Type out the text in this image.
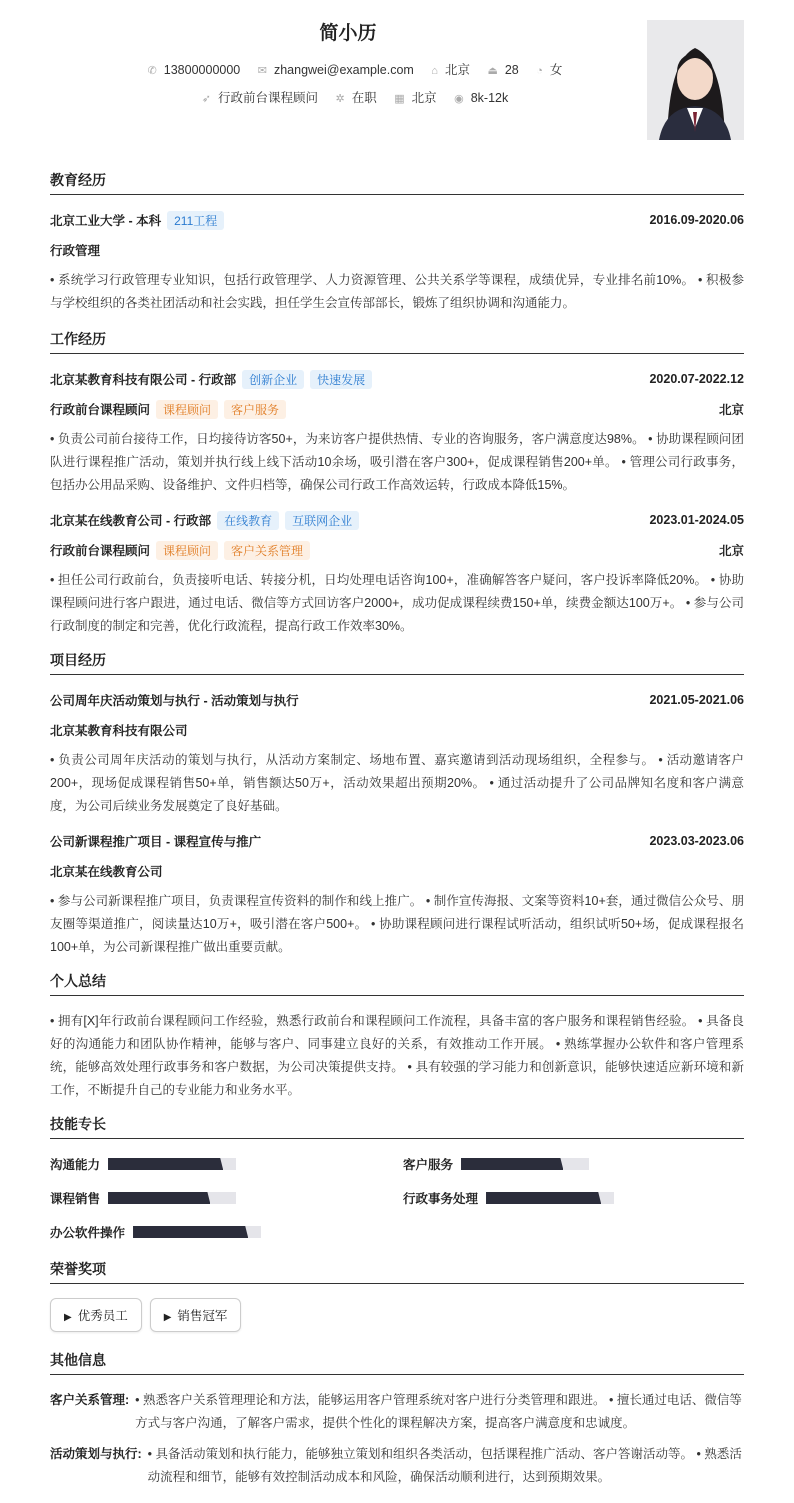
简小历
✆ 13800000000 ✉ zhangwei@example.com ⌂ 北京 ⏏ 28 ◔ 女
➶ 行政前台课程顾问 ✲ 在职 ▦ 北京 ◉ 8k-12k
教育经历
北京工业大学 - 本科 211工程	2016.09-2020.06
行政管理
• 系统学习行政管理专业知识，包括行政管理学、人力资源管理、公共关系学等课程，成绩优异，专业排名前10%。 • 积极参与学校组织的各类社团活动和社会实践，担任学生会宣传部部长，锻炼了组织协调和沟通能力。
工作经历
北京某教育科技有限公司 - 行政部 创新企业 快速发展	2020.07-2022.12
行政前台课程顾问 课程顾问 客户服务	北京
• 负责公司前台接待工作，日均接待访客50+，为来访客户提供热情、专业的咨询服务，客户满意度达98%。 • 协助课程顾问团队进行课程推广活动，策划并执行线上线下活动10余场，吸引潜在客户300+，促成课程销售200+单。 • 管理公司行政事务，包括办公用品采购、设备维护、文件归档等，确保公司行政工作高效运转，行政成本降低15%。
北京某在线教育公司 - 行政部 在线教育 互联网企业	2023.01-2024.05
行政前台课程顾问 课程顾问 客户关系管理	北京
• 担任公司行政前台，负责接听电话、转接分机，日均处理电话咨询100+，准确解答客户疑问，客户投诉率降低20%。 • 协助课程顾问进行客户跟进，通过电话、微信等方式回访客户2000+，成功促成课程续费150+单，续费金额达100万+。 • 参与公司行政制度的制定和完善，优化行政流程，提高行政工作效率30%。
项目经历
公司周年庆活动策划与执行 - 活动策划与执行	2021.05-2021.06
北京某教育科技有限公司
• 负责公司周年庆活动的策划与执行，从活动方案制定、场地布置、嘉宾邀请到活动现场组织，全程参与。 • 活动邀请客户200+，现场促成课程销售50+单，销售额达50万+，活动效果超出预期20%。 • 通过活动提升了公司品牌知名度和客户满意度，为公司后续业务发展奠定了良好基础。
公司新课程推广项目 - 课程宣传与推广	2023.03-2023.06
北京某在线教育公司
• 参与公司新课程推广项目，负责课程宣传资料的制作和线上推广。 • 制作宣传海报、文案等资料10+套，通过微信公众号、朋友圈等渠道推广，阅读量达10万+，吸引潜在客户500+。 • 协助课程顾问进行课程试听活动，组织试听50+场，促成课程报名100+单，为公司新课程推广做出重要贡献。
个人总结
• 拥有[X]年行政前台课程顾问工作经验，熟悉行政前台和课程顾问工作流程，具备丰富的客户服务和课程销售经验。 • 具备良好的沟通能力和团队协作精神，能够与客户、同事建立良好的关系，有效推动工作开展。 • 熟练掌握办公软件和客户管理系统，能够高效处理行政事务和客户数据，为公司决策提供支持。 • 具有较强的学习能力和创新意识，能够快速适应新环境和新工作，不断提升自己的专业能力和业务水平。
技能专长
沟通能力	客户服务
课程销售	行政事务处理
办公软件操作
荣誉奖项
▶ 优秀员工	▶ 销售冠军
其他信息
客户关系管理: • 熟悉客户关系管理理论和方法，能够运用客户管理系统对客户进行分类管理和跟进。 • 擅长通过电话、微信等方式与客户沟通，了解客户需求，提供个性化的课程解决方案，提高客户满意度和忠诚度。
活动策划与执行: • 具备活动策划和执行能力，能够独立策划和组织各类活动，包括课程推广活动、客户答谢活动等。 • 熟悉活动流程和细节，能够有效控制活动成本和风险，确保活动顺利进行，达到预期效果。
